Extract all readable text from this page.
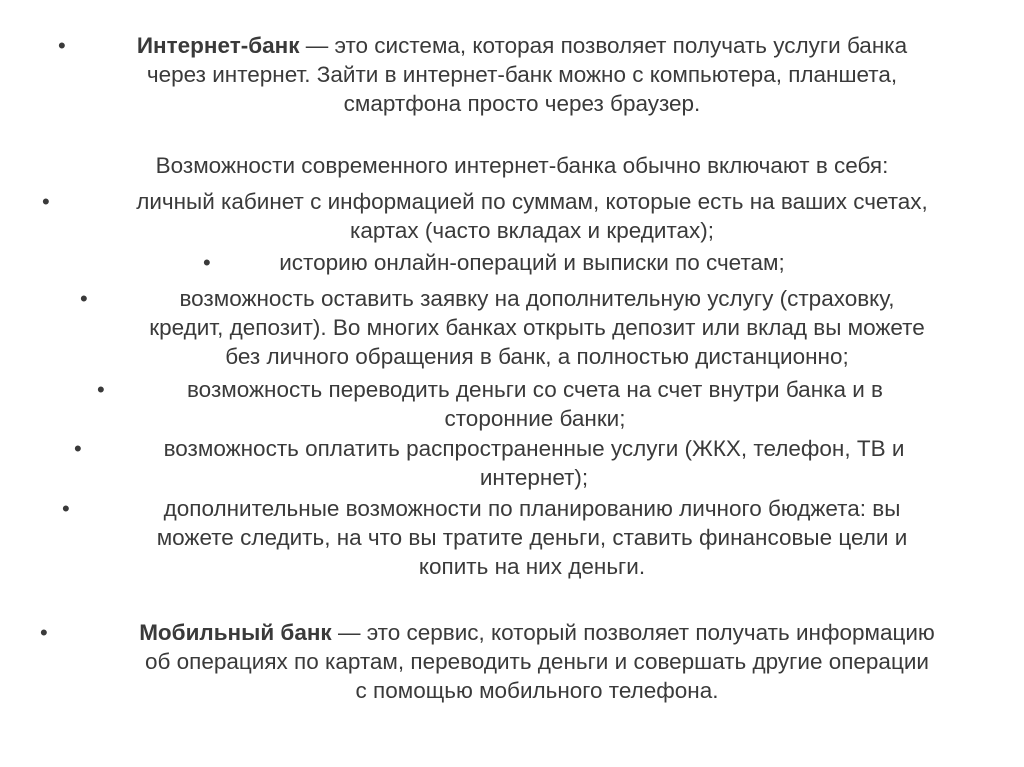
•	Интернет-банк — это система, которая позволяет получать услуги банка
через интернет. Зайти в интернет-банк можно с компьютера, планшета,
смартфона просто через браузер.
Возможности современного интернет-банка обычно включают в себя:
•	личный кабинет с информацией по суммам, которые есть на ваших счетах,
картах (часто вкладах и кредитах);
•	историю онлайн-операций и выписки по счетам;
•	возможность оставить заявку на дополнительную услугу (страховку,
кредит, депозит). Во многих банках открыть депозит или вклад вы можете
без личного обращения в банк, а полностью дистанционно;
•	возможность переводить деньги со счета на счет внутри банка и в
сторонние банки;
•	возможность оплатить распространенные услуги (ЖКХ, телефон, ТВ и
интернет);
•	дополнительные возможности по планированию личного бюджета: вы
можете следить, на что вы тратите деньги, ставить финансовые цели и
копить на них деньги.
•	Мобильный банк — это сервис, который позволяет получать информацию
об операциях по картам, переводить деньги и совершать другие операции
с помощью мобильного телефона.
